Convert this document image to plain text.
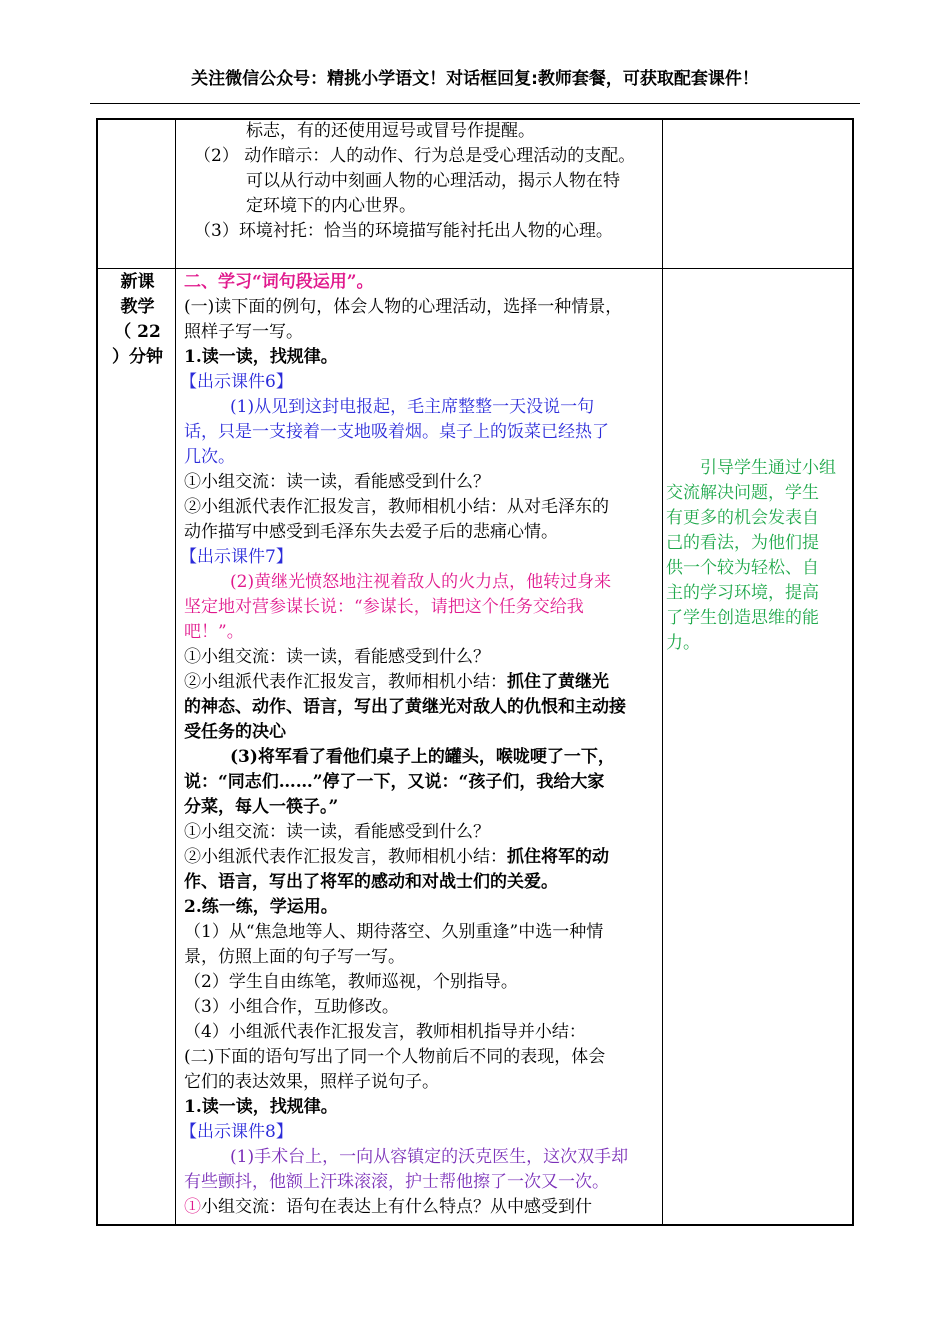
关注微信公众号：精挑小学语文！对话框回复:教师套餐，可获取配套课件！
标志，有的还使用逗号或冒号作提醒。
（2） 动作暗示：人的动作、行为总是受心理活动的支配。
可以从行动中刻画人物的心理活动，揭示人物在特
定环境下的内心世界。
（3）环境衬托：恰当的环境描写能衬托出人物的心理。
新课
教学
（ 22
）分钟
二、学习“词句段运用”。
(一)读下面的例句，体会人物的心理活动，选择一种情景，
照样子写一写。
1.读一读，找规律。
【出示课件6】
(1)从见到这封电报起，毛主席整整一天没说一句
话，只是一支接着一支地吸着烟。桌子上的饭菜已经热了
几次。
①小组交流：读一读，看能感受到什么？
②小组派代表作汇报发言，教师相机小结：从对毛泽东的
动作描写中感受到毛泽东失去爱子后的悲痛心情。
【出示课件7】
(2)黄继光愤怒地注视着敌人的火力点，他转过身来
坚定地对营参谋长说：“参谋长，请把这个任务交给我
吧！”。
①小组交流：读一读，看能感受到什么？
②小组派代表作汇报发言，教师相机小结：抓住了黄继光
的神态、动作、语言，写出了黄继光对敌人的仇恨和主动接
受任务的决心
(3)将军看了看他们桌子上的罐头，喉咙哽了一下，
说：“同志们……”停了一下，又说：“孩子们，我给大家
分菜，每人一筷子。”
①小组交流：读一读，看能感受到什么？
②小组派代表作汇报发言，教师相机小结：抓住将军的动
作、语言，写出了将军的感动和对战士们的关爱。
2.练一练，学运用。
（1）从“焦急地等人、期待落空、久别重逢”中选一种情
景，仿照上面的句子写一写。
（2）学生自由练笔，教师巡视，个别指导。
（3）小组合作，互助修改。
（4）小组派代表作汇报发言，教师相机指导并小结：
(二)下面的语句写出了同一个人物前后不同的表现，体会
它们的表达效果，照样子说句子。
1.读一读，找规律。
【出示课件8】
(1)手术台上，一向从容镇定的沃克医生，这次双手却
有些颤抖，他额上汗珠滚滚，护士帮他擦了一次又一次。
①小组交流：语句在表达上有什么特点？从中感受到什
引导学生通过小组
交流解决问题，学生
有更多的机会发表自
己的看法，为他们提
供一个较为轻松、自
主的学习环境，提高
了学生创造思维的能
力。
